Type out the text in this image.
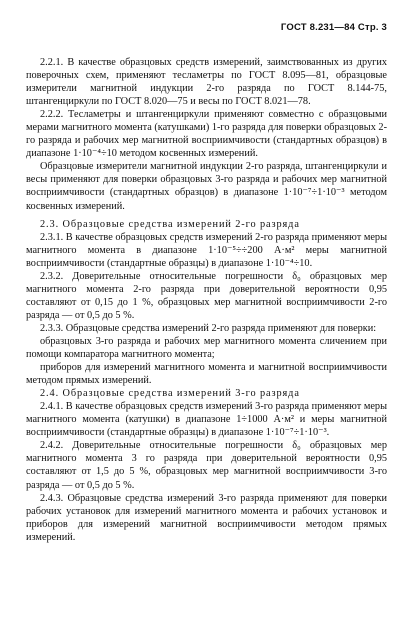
ГОСТ 8.231—84 Стр. 3

2.2.1. В качестве образцовых средств измерений, заимствованных из других поверочных схем, применяют тесламетры по ГОСТ 8.095—81, образцовые измерители магнитной индукции 2-го разряда по ГОСТ 8.144-75, штангенциркули по ГОСТ 8.020—75 и весы по ГОСТ 8.021—78.

2.2.2. Тесламетры и штангенциркули применяют совместно с образцовыми мерами магнитного момента (катушками) 1-го разряда для поверки образцовых 2-го разряда и рабочих мер магнитной восприимчивости (стандартных образцов) в диапазоне 1·10⁻⁴÷10 методом косвенных измерений.

Образцовые измерители магнитной индукции 2-го разряда, штангенциркули и весы применяют для поверки образцовых 3-го разряда и рабочих мер магнитной восприимчивости (стандартных образцов) в диапазоне 1·10⁻⁷÷1·10⁻³ методом косвенных измерений.

2.3. Образцовые средства измерений 2-го разряда

2.3.1. В качестве образцовых средств измерений 2-го разряда применяют меры магнитного момента в диапазоне 1·10⁻⁵÷÷200 А·м² меры магнитной восприимчивости (стандартные образцы) в диапазоне 1·10⁻⁴÷10.

2.3.2. Доверительные относительные погрешности δ₀ образцовых мер магнитного момента 2-го разряда при доверительной вероятности 0,95 составляют от 0,15 до 1 %, образцовых мер магнитной восприимчивости 2-го разряда — от 0,5 до 5 %.

2.3.3. Образцовые средства измерений 2-го разряда применяют для поверки:

образцовых 3-го разряда и рабочих мер магнитного момента сличением при помощи компаратора магнитного момента;

приборов для измерений магнитного момента и магнитной восприимчивости методом прямых измерений.

2.4. Образцовые средства измерений 3-го разряда

2.4.1. В качестве образцовых средств измерений 3-го разряда применяют меры магнитного момента (катушки) в диапазоне 1÷1000 А·м² и меры магнитной восприимчивости (стандартные образцы) в диапазоне 1·10⁻⁷÷1·10⁻³.

2.4.2. Доверительные относительные погрешности δ₀ образцовых мер магнитного момента 3 го разряда при доверительной вероятности 0,95 составляют от 1,5 до 5 %, образцовых мер магнитной восприимчивости 3-го разряда — от 0,5 до 5 %.

2.4.3. Образцовые средства измерений 3-го разряда применяют для поверки рабочих установок для измерений магнитного момента и рабочих установок и приборов для измерений магнитной восприимчивости методом прямых измерений.
